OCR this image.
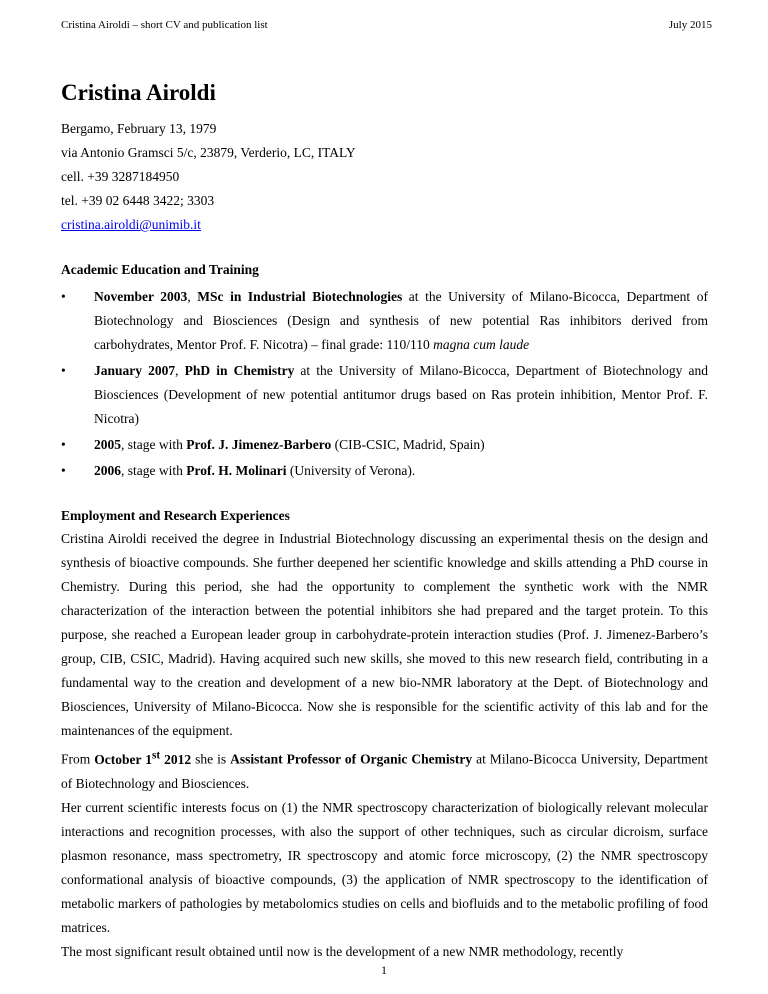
Cristina Airoldi – short CV and publication list	July 2015
Cristina Airoldi
Bergamo, February 13, 1979
via Antonio Gramsci 5/c, 23879, Verderio, LC, ITALY
cell. +39 3287184950
tel. +39 02 6448 3422; 3303
cristina.airoldi@unimib.it
Academic Education and Training
• November 2003, MSc in Industrial Biotechnologies at the University of Milano-Bicocca, Department of Biotechnology and Biosciences (Design and synthesis of new potential Ras inhibitors derived from carbohydrates, Mentor Prof. F. Nicotra) – final grade: 110/110 magna cum laude
• January 2007, PhD in Chemistry at the University of Milano-Bicocca, Department of Biotechnology and Biosciences (Development of new potential antitumor drugs based on Ras protein inhibition, Mentor Prof. F. Nicotra)
• 2005, stage with Prof. J. Jimenez-Barbero (CIB-CSIC, Madrid, Spain)
• 2006, stage with Prof. H. Molinari (University of Verona).
Employment and Research Experiences

Cristina Airoldi received the degree in Industrial Biotechnology discussing an experimental thesis on the design and synthesis of bioactive compounds. She further deepened her scientific knowledge and skills attending a PhD course in Chemistry. During this period, she had the opportunity to complement the synthetic work with the NMR characterization of the interaction between the potential inhibitors she had prepared and the target protein. To this purpose, she reached a European leader group in carbohydrate-protein interaction studies (Prof. J. Jimenez-Barbero’s group, CIB, CSIC, Madrid). Having acquired such new skills, she moved to this new research field, contributing in a fundamental way to the creation and development of a new bio-NMR laboratory at the Dept. of Biotechnology and Biosciences, University of Milano-Bicocca. Now she is responsible for the scientific activity of this lab and for the maintenances of the equipment.

From October 1st 2012 she is Assistant Professor of Organic Chemistry at Milano-Bicocca University, Department of Biotechnology and Biosciences.

Her current scientific interests focus on (1) the NMR spectroscopy characterization of biologically relevant molecular interactions and recognition processes, with also the support of other techniques, such as circular dicroism, surface plasmon resonance, mass spectrometry, IR spectroscopy and atomic force microscopy, (2) the NMR spectroscopy conformational analysis of bioactive compounds, (3) the application of NMR spectroscopy to the identification of metabolic markers of pathologies by metabolomics studies on cells and biofluids and to the metabolic profiling of food matrices.

The most significant result obtained until now is the development of a new NMR methodology, recently

1
